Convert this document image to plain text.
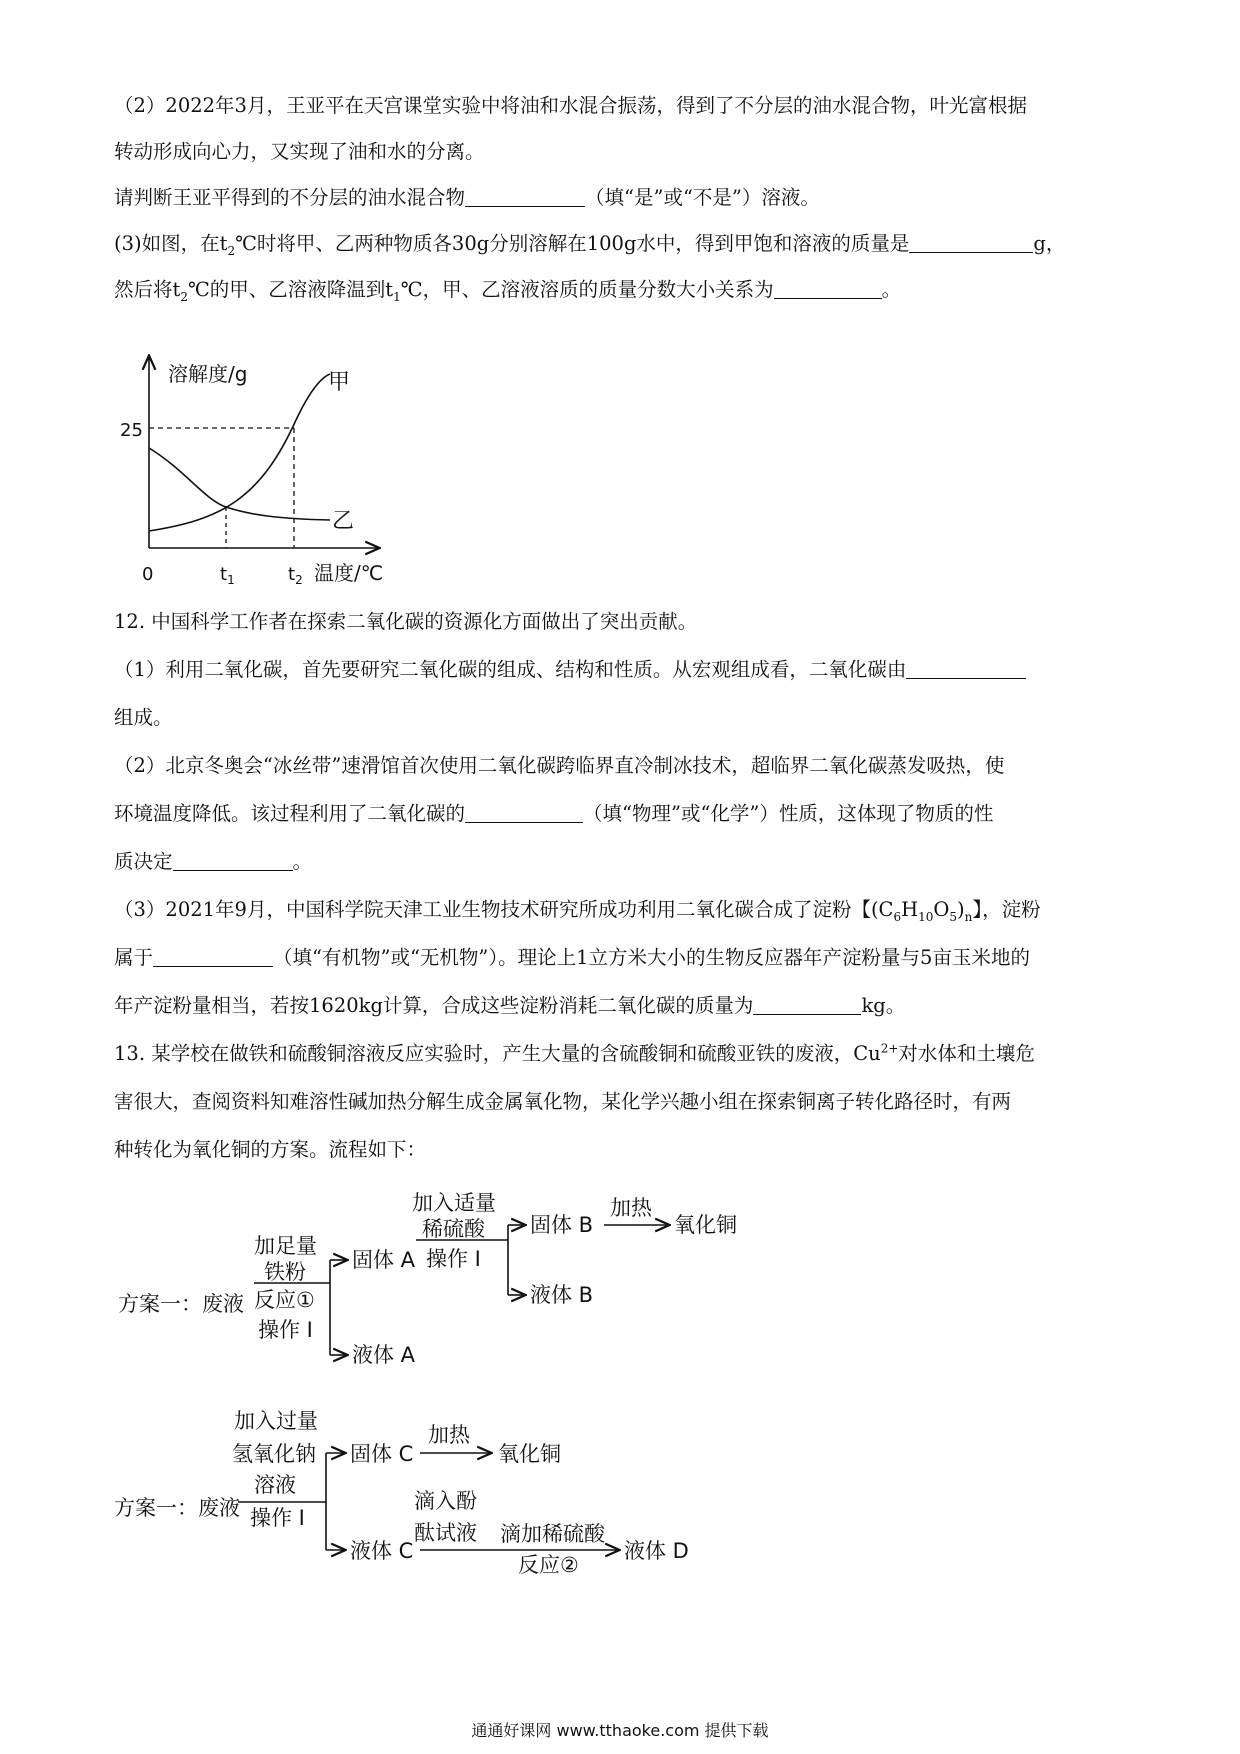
（2）2022年3月，王亚平在天宫课堂实验中将油和水混合振荡，得到了不分层的油水混合物，叶光富根据
转动形成向心力，又实现了油和水的分离。
请判断王亚平得到的不分层的油水混合物	（填“是”或“不是”）溶液。
(3)如图，在$t_2℃$时将甲、乙两种物质各30g分别溶解在100g水中，得到甲饱和溶液的质量是	g，
然后将$t_2℃$的甲、乙溶液降温到$t_1℃$，甲、乙溶液溶质的质量分数大小关系为	。
溶解度/g
温度/℃
0
25
$t_1$	$t_2$
甲
乙
12. 中国科学工作者在探索二氧化碳的资源化方面做出了突出贡献。
（1）利用二氧化碳，首先要研究二氧化碳的组成、结构和性质。从宏观组成看，二氧化碳由
组成。
（2）北京冬奥会“冰丝带”速滑馆首次使用二氧化碳跨临界直冷制冰技术，超临界二氧化碳蒸发吸热，使
环境温度降低。该过程利用了二氧化碳的	（填“物理”或“化学”）性质，这体现了物质的性
质决定	。
（3）2021年9月，中国科学院天津工业生物技术研究所成功利用二氧化碳合成了淀粉【$(C_6H_{10}O_5)_n$】，淀粉
属于	（填“有机物”或“无机物”）。理论上1立方米大小的生物反应器年产淀粉量与5亩玉米地的
年产淀粉量相当，若按1620kg计算，合成这些淀粉消耗二氧化碳的质量为	kg。
13. 某学校在做铁和硫酸铜溶液反应实验时，产生大量的含硫酸铜和硫酸亚铁的废液，$Cu^{2+}$对水体和土壤危
害很大，查阅资料知难溶性碱加热分解生成金属氧化物，某化学兴趣小组在探索铜离子转化路径时，有两
种转化为氧化铜的方案。流程如下：
方案一：废液
加足量
铁粉
反应①
操作 I
固体 A
液体 A
加入适量
稀硫酸
操作 I
固体 B
液体 B
加热
氧化铜
方案一：废液
加入过量
氢氧化钠
溶液
操作 I
固体 C
加热
氧化铜
液体 C
滴入酚
酞试液 滴加稀硫酸
反应②
液体 D
通通好课网 www.tthaoke.com 提供下载
